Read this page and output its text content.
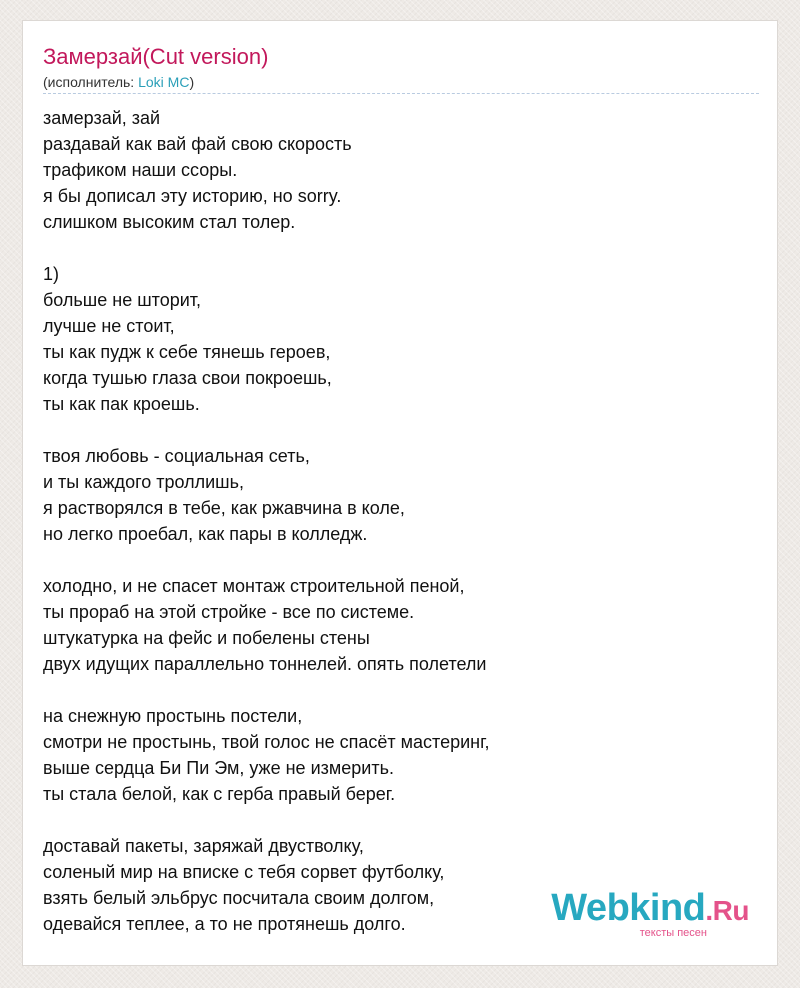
Замерзай(Cut version)
(исполнитель: Loki MC)
замерзай, зай
раздавай как вай фай свою скорость
трафиком наши ссоры.
я бы дописал эту историю, но sorry.
слишком высоким стал толер.
1)
больше не шторит,
лучше не стоит,
ты как пудж к себе тянешь героев,
когда тушью глаза свои покроешь,
ты как пак кроешь.
твоя любовь - социальная сеть,
и ты каждого троллишь,
я растворялся в тебе, как ржавчина в коле,
но легко проебал, как пары в колледж.
холодно, и не спасет монтаж строительной пеной,
ты прораб на этой стройке - все по системе.
штукатурка на фейс и побелены стены
двух идущих параллельно тоннелей. опять полетели
на снежную простынь постели,
смотри не простынь, твой голос не спасёт мастеринг,
выше сердца Би Пи Эм, уже не измерить.
ты стала белой, как с герба правый берег.
доставай пакеты, заряжай двустволку,
соленый мир на вписке с тебя сорвет футболку,
взять белый эльбрус посчитала своим долгом,
одевайся теплее, а то не протянешь долго.	Webkind.Ru
тексты песен
